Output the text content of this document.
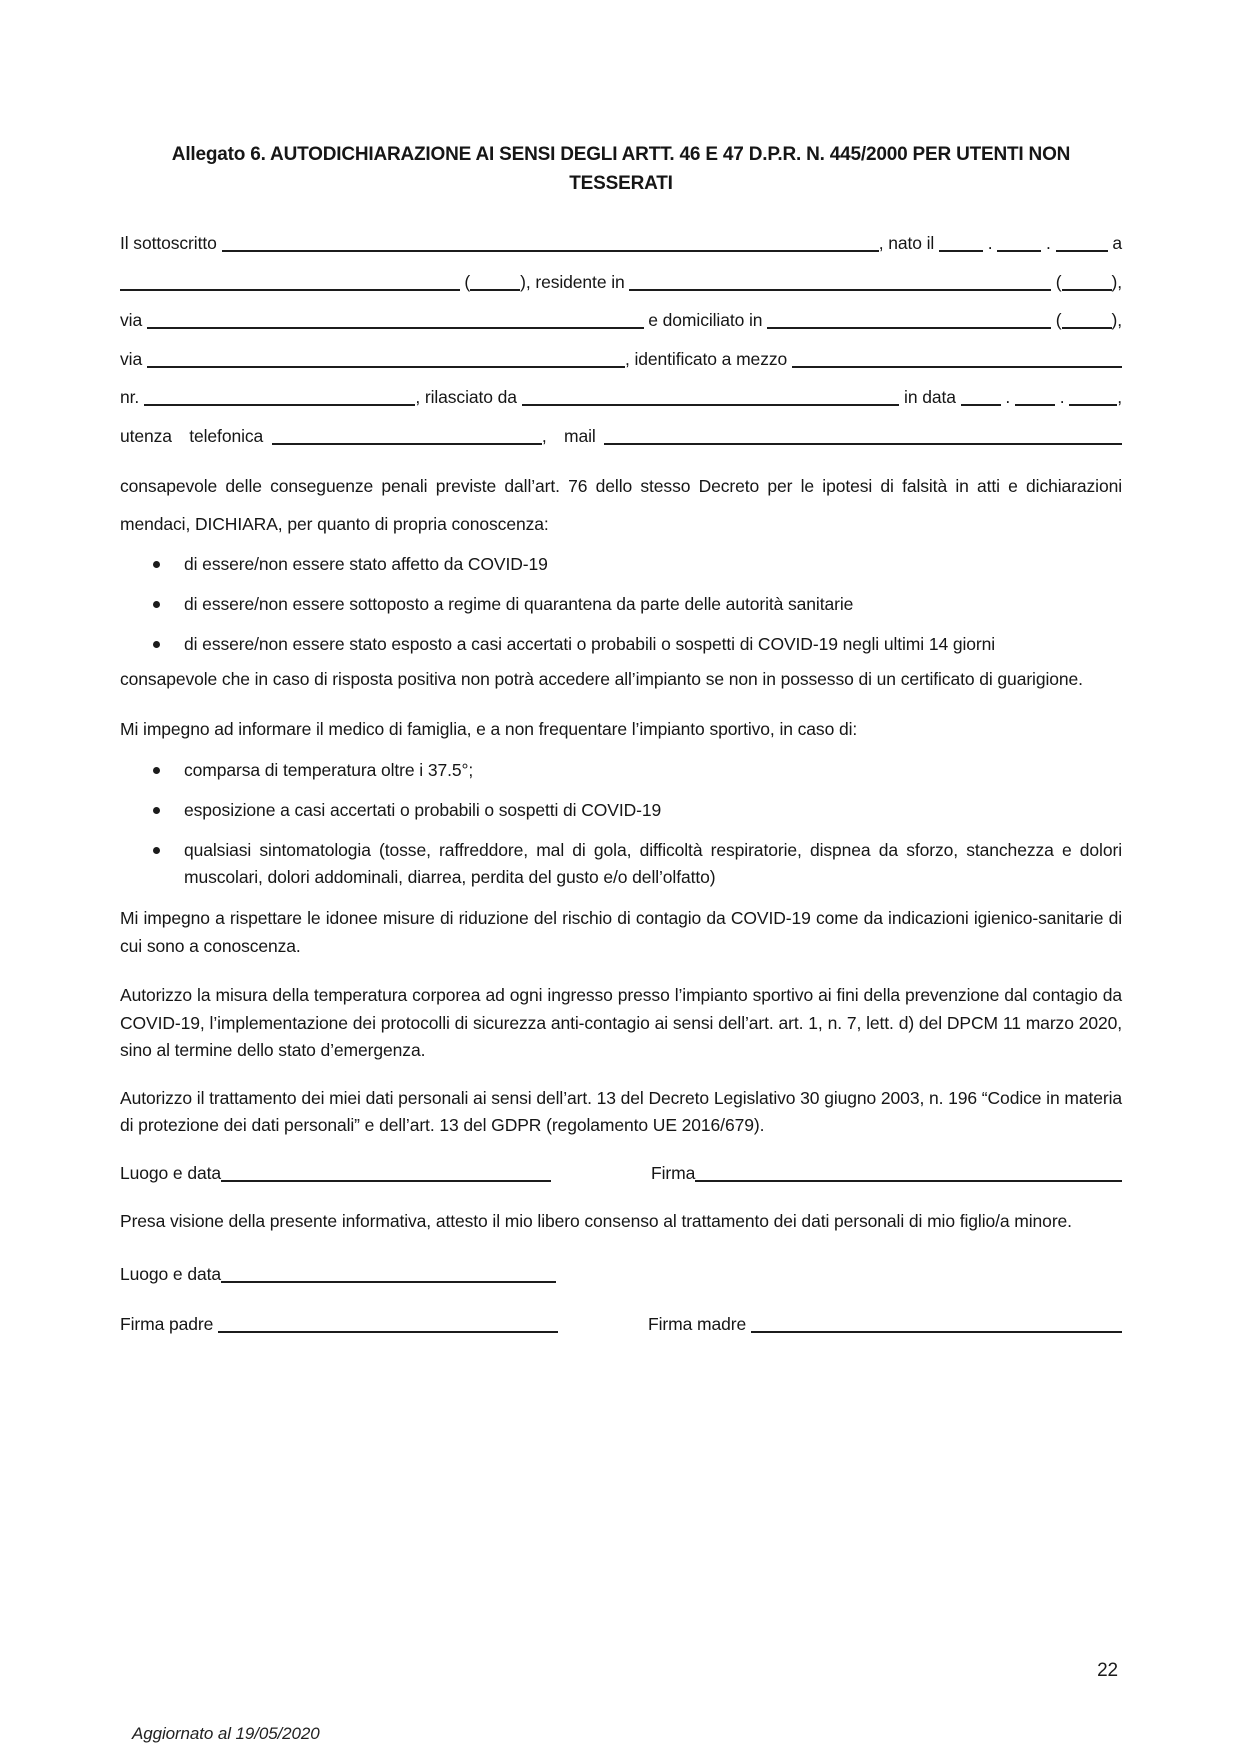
Allegato 6. AUTODICHIARAZIONE AI SENSI DEGLI ARTT. 46 E 47 D.P.R. N. 445/2000 PER UTENTI NON
TESSERATI
Il sottoscritto	, nato il	.	.	a
(	), residente in	(	),
via	e domiciliato in	(	),
via	, identificato a mezzo
nr.	, rilasciato da	in data . .	,
utenza  telefonica 	,  mail 
consapevole delle conseguenze penali previste dall’art. 76 dello stesso Decreto per le ipotesi di falsità in atti e dichiarazioni mendaci, DICHIARA, per quanto di propria conoscenza:
di essere/non essere stato affetto da COVID-19
di essere/non essere sottoposto a regime di quarantena da parte delle autorità sanitarie
di essere/non essere stato esposto a casi accertati o probabili o sospetti di COVID-19 negli ultimi 14 giorni
consapevole che in caso di risposta positiva non potrà accedere all’impianto se non in possesso di un certificato di guarigione.
Mi impegno ad informare il medico di famiglia, e a non frequentare l’impianto sportivo, in caso di:
comparsa di temperatura oltre i 37.5°;
esposizione a casi accertati o probabili o sospetti di COVID-19
qualsiasi sintomatologia (tosse, raffreddore, mal di gola, difficoltà respiratorie, dispnea da sforzo, stanchezza e dolori muscolari, dolori addominali, diarrea, perdita del gusto e/o dell’olfatto)
Mi impegno a rispettare le idonee misure di riduzione del rischio di contagio da COVID-19 come da indicazioni igienico-sanitarie di cui sono a conoscenza.
Autorizzo la misura della temperatura corporea ad ogni ingresso presso l’impianto sportivo ai fini della prevenzione dal contagio da COVID-19, l’implementazione dei protocolli di sicurezza anti-contagio ai sensi dell’art. art. 1, n. 7, lett. d) del DPCM 11 marzo 2020, sino al termine dello stato d’emergenza.
Autorizzo il trattamento dei miei dati personali ai sensi dell’art. 13 del Decreto Legislativo 30 giugno 2003, n. 196 “Codice in materia di protezione dei dati personali” e dell’art. 13 del GDPR (regolamento UE 2016/679).
Luogo e data	Firma
Presa visione della presente informativa, attesto il mio libero consenso al trattamento dei dati personali di mio figlio/a minore.
Luogo e data
Firma padre	Firma madre
22
Aggiornato al 19/05/2020
